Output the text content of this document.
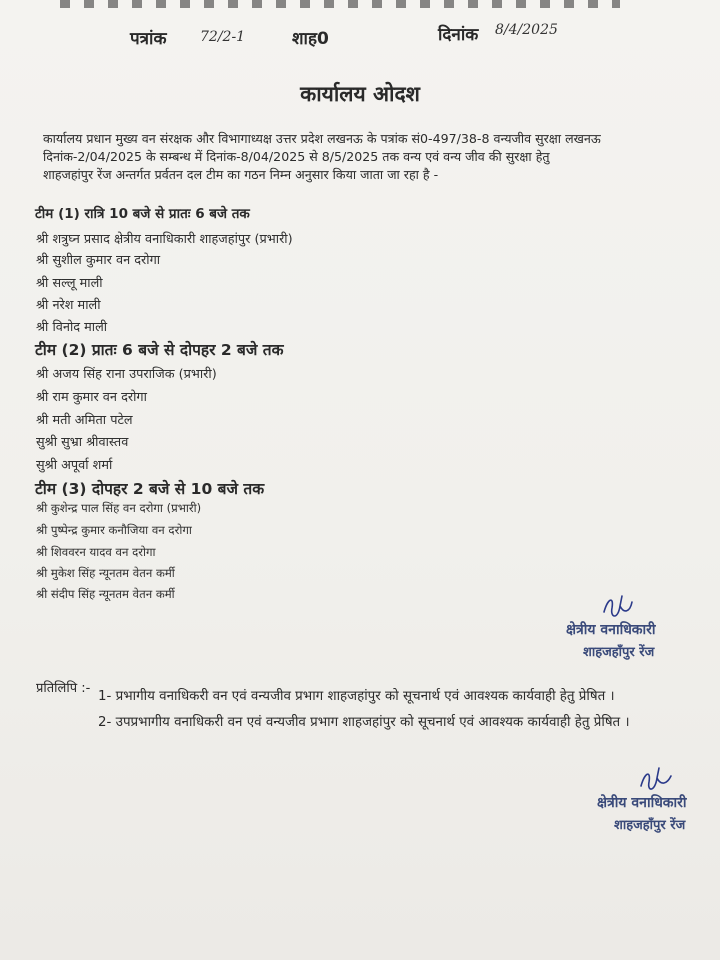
पत्रांक 72/2-1	शाह0	दिनांक 8/4/2025
कार्यालय ओदश
कार्यालय प्रधान मुख्य वन संरक्षक और विभागाध्यक्ष उत्तर प्रदेश लखनऊ के पत्रांक सं0-497/38-8 वन्यजीव सुरक्षा लखनऊ
दिनांक-2/04/2025 के सम्बन्ध में दिनांक-8/04/2025 से 8/5/2025 तक वन्य एवं वन्य जीव की सुरक्षा हेतु
शाहजहांपुर रेंज अन्तर्गत प्रर्वतन दल टीम का गठन निम्न अनुसार किया जाता जा रहा है -
टीम (1) रात्रि 10 बजे से प्रातः 6 बजे तक
श्री शत्रुघ्न प्रसाद क्षेत्रीय वनाधिकारी शाहजहांपुर (प्रभारी)
श्री सुशील कुमार वन दरोगा
श्री सल्लू माली
श्री नरेश माली
श्री विनोद माली
टीम (2) प्रातः 6 बजे से दोपहर 2 बजे तक
श्री अजय सिंह राना उपराजिक (प्रभारी)
श्री राम कुमार वन दरोगा
श्री मती अमिता पटेल
सुश्री सुभ्रा श्रीवास्तव
सुश्री अपूर्वा शर्मा
टीम (3) दोपहर 2 बजे से 10 बजे तक
श्री कुशेन्द्र पाल सिंह वन दरोगा (प्रभारी)
श्री पुष्पेन्द्र कुमार कनौजिया वन दरोगा
श्री शिववरन यादव वन दरोगा
श्री मुकेश सिंह न्यूनतम वेतन कर्मी
श्री संदीप सिंह न्यूनतम वेतन कर्मी
क्षेत्रीय वनाधिकारी
शाहजहाँपुर रेंज
प्रतिलिपि :-
1- प्रभागीय वनाधिकरी वन एवं वन्यजीव प्रभाग शाहजहांपुर को सूचनार्थ एवं आवश्यक कार्यवाही हेतु प्रेषित ।
2- उपप्रभागीय वनाधिकरी वन एवं वन्यजीव प्रभाग शाहजहांपुर को सूचनार्थ एवं आवश्यक कार्यवाही हेतु प्रेषित ।
क्षेत्रीय वनाधिकारी
शाहजहाँपुर रेंज
